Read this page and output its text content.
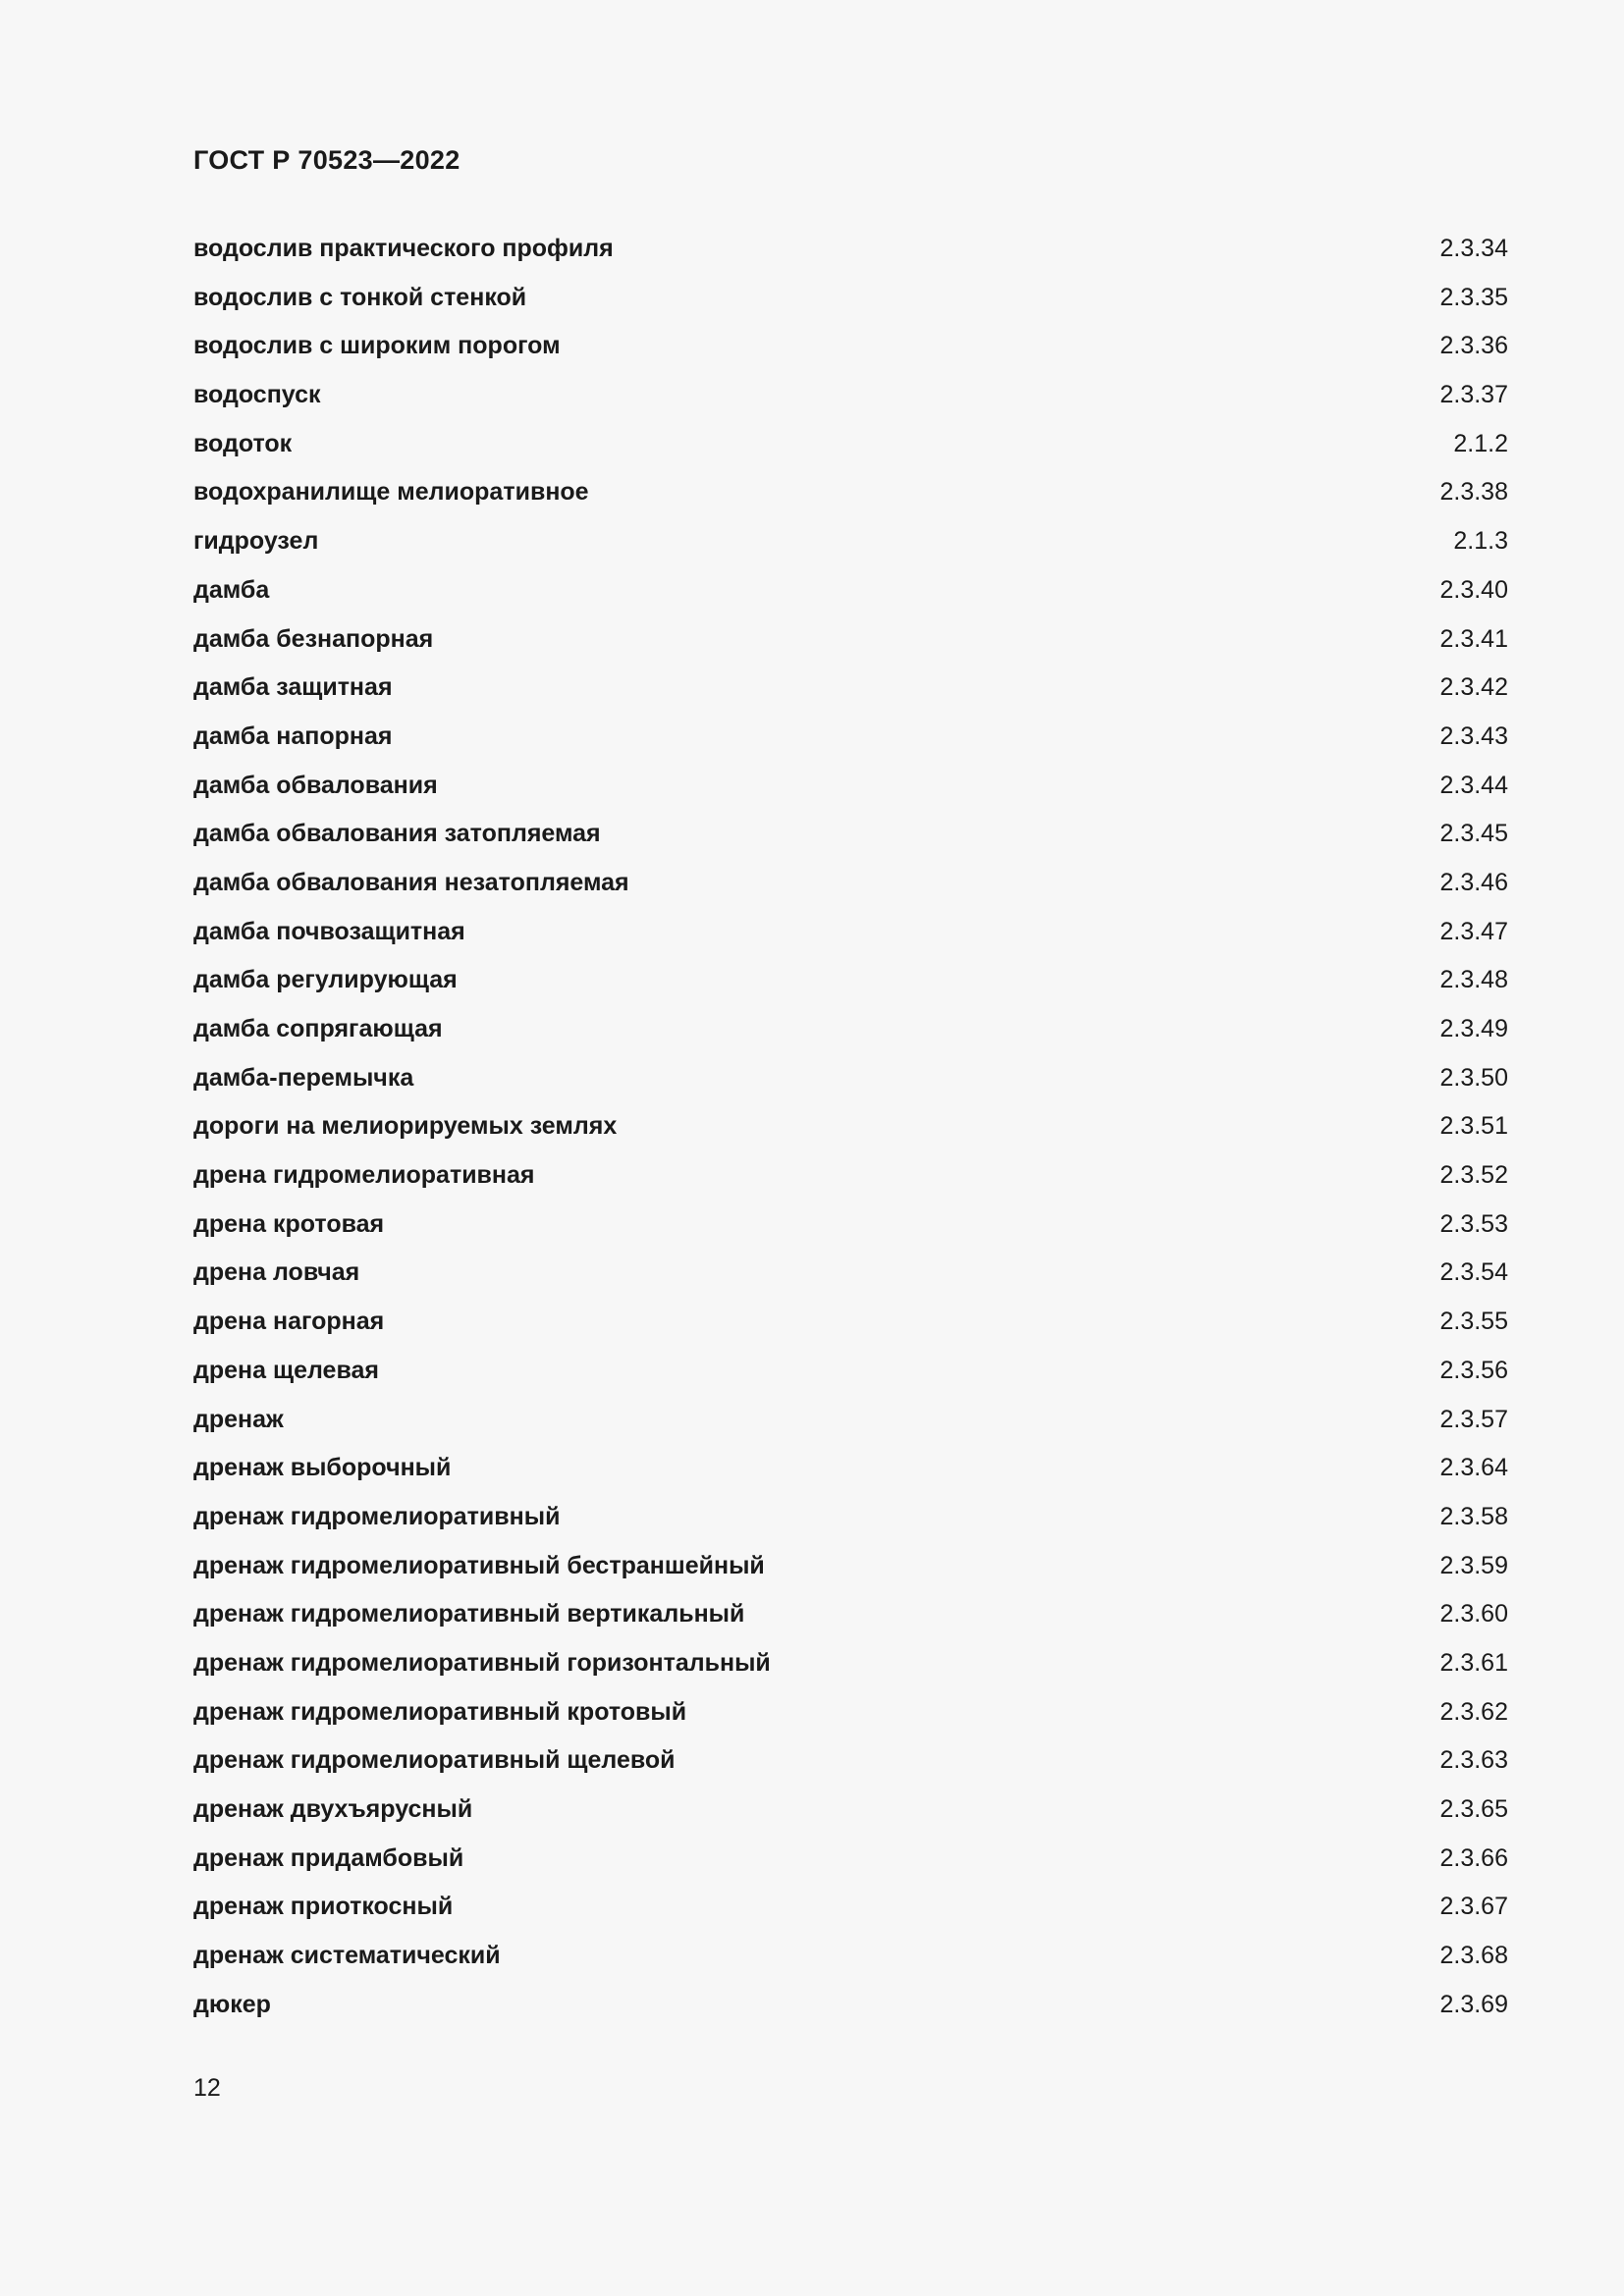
ГОСТ Р 70523—2022
водослив практического профиля	2.3.34
водослив с тонкой стенкой	2.3.35
водослив с широким порогом	2.3.36
водоспуск	2.3.37
водоток	2.1.2
водохранилище мелиоративное	2.3.38
гидроузел	2.1.3
дамба	2.3.40
дамба безнапорная	2.3.41
дамба защитная	2.3.42
дамба напорная	2.3.43
дамба обвалования	2.3.44
дамба обвалования затопляемая	2.3.45
дамба обвалования незатопляемая	2.3.46
дамба почвозащитная	2.3.47
дамба регулирующая	2.3.48
дамба сопрягающая	2.3.49
дамба-перемычка	2.3.50
дороги на мелиорируемых землях	2.3.51
дрена гидромелиоративная	2.3.52
дрена кротовая	2.3.53
дрена ловчая	2.3.54
дрена нагорная	2.3.55
дрена щелевая	2.3.56
дренаж	2.3.57
дренаж выборочный	2.3.64
дренаж гидромелиоративный	2.3.58
дренаж гидромелиоративный бестраншейный	2.3.59
дренаж гидромелиоративный вертикальный	2.3.60
дренаж гидромелиоративный горизонтальный	2.3.61
дренаж гидромелиоративный кротовый	2.3.62
дренаж гидромелиоративный щелевой	2.3.63
дренаж двухъярусный	2.3.65
дренаж придамбовый	2.3.66
дренаж приоткосный	2.3.67
дренаж систематический	2.3.68
дюкер	2.3.69
12
